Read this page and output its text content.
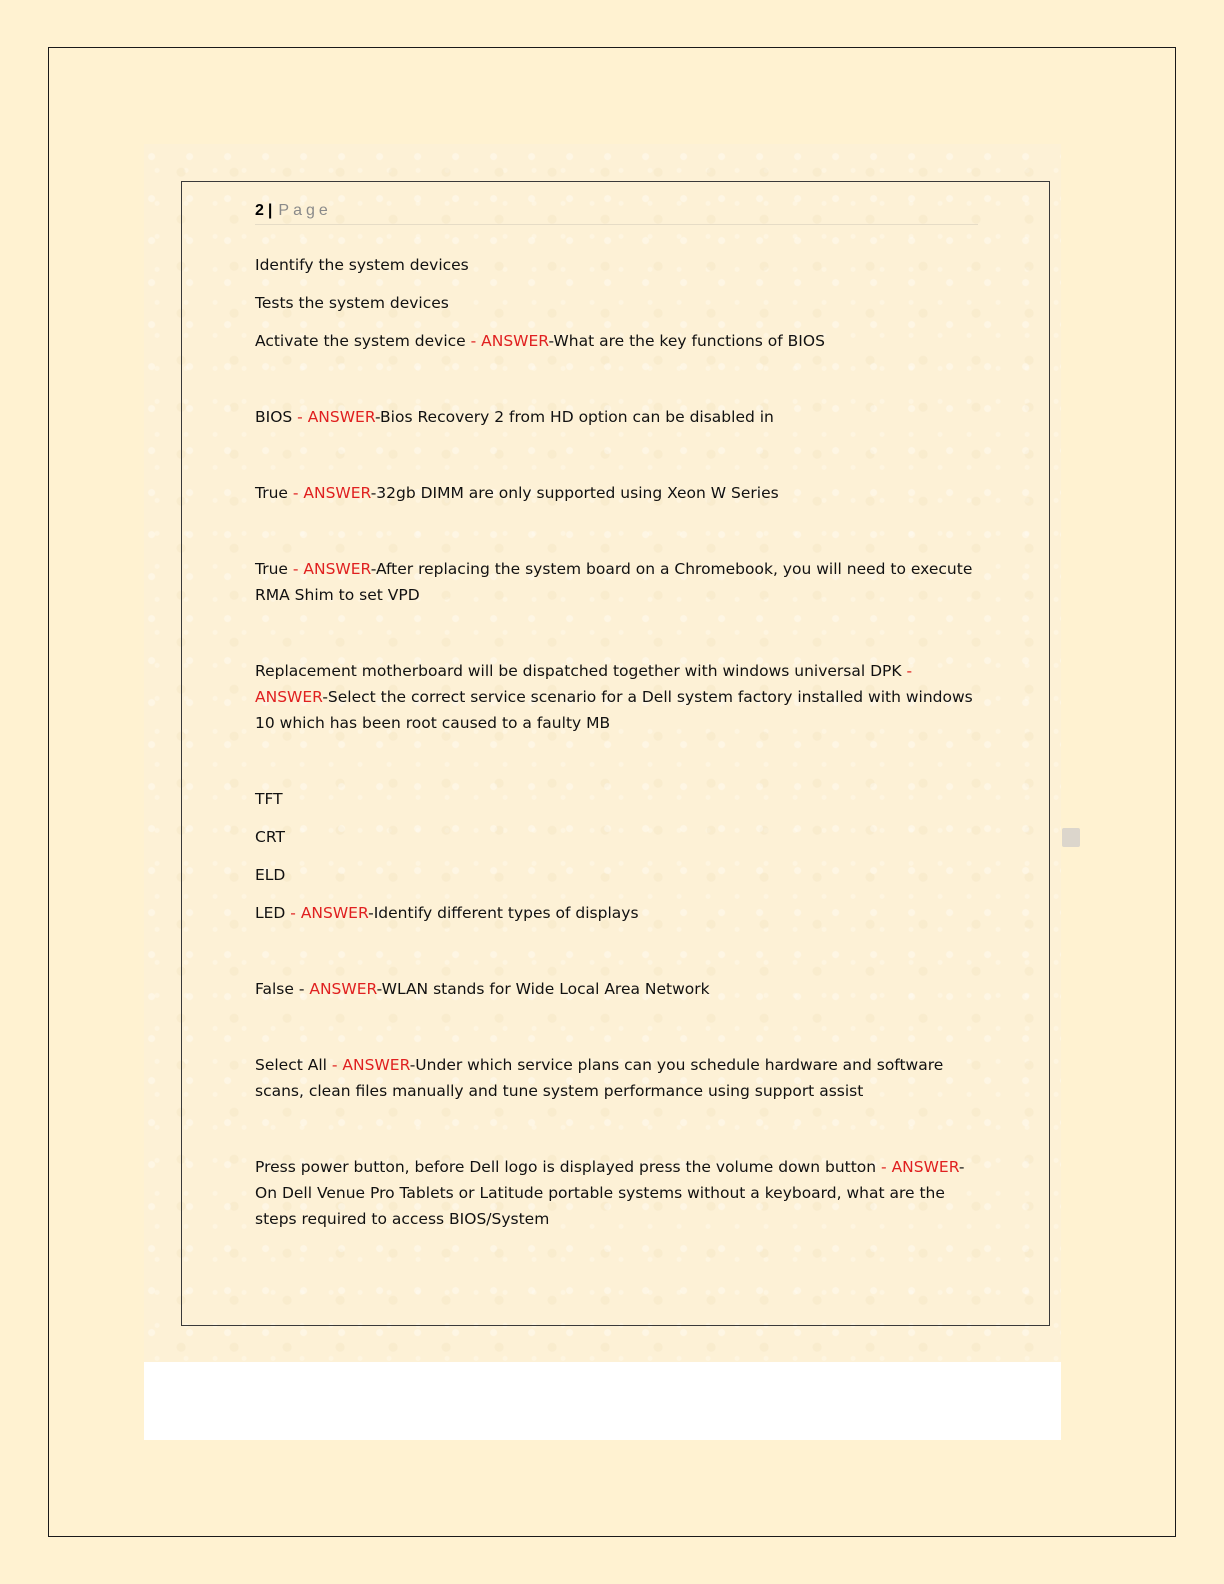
2 | Page

Identify the system devices

Tests the system devices

Activate the system device - ANSWER-What are the key functions of BIOS

BIOS - ANSWER-Bios Recovery 2 from HD option can be disabled in

True - ANSWER-32gb DIMM are only supported using Xeon W Series

True - ANSWER-After replacing the system board on a Chromebook, you will need to execute RMA Shim to set VPD

Replacement motherboard will be dispatched together with windows universal DPK - ANSWER-Select the correct service scenario for a Dell system factory installed with windows 10 which has been root caused to a faulty MB

TFT

CRT

ELD

LED - ANSWER-Identify different types of displays

False - ANSWER-WLAN stands for Wide Local Area Network

Select All - ANSWER-Under which service plans can you schedule hardware and software scans, clean files manually and tune system performance using support assist

Press power button, before Dell logo is displayed press the volume down button - ANSWER-On Dell Venue Pro Tablets or Latitude portable systems without a keyboard, what are the steps required to access BIOS/System
